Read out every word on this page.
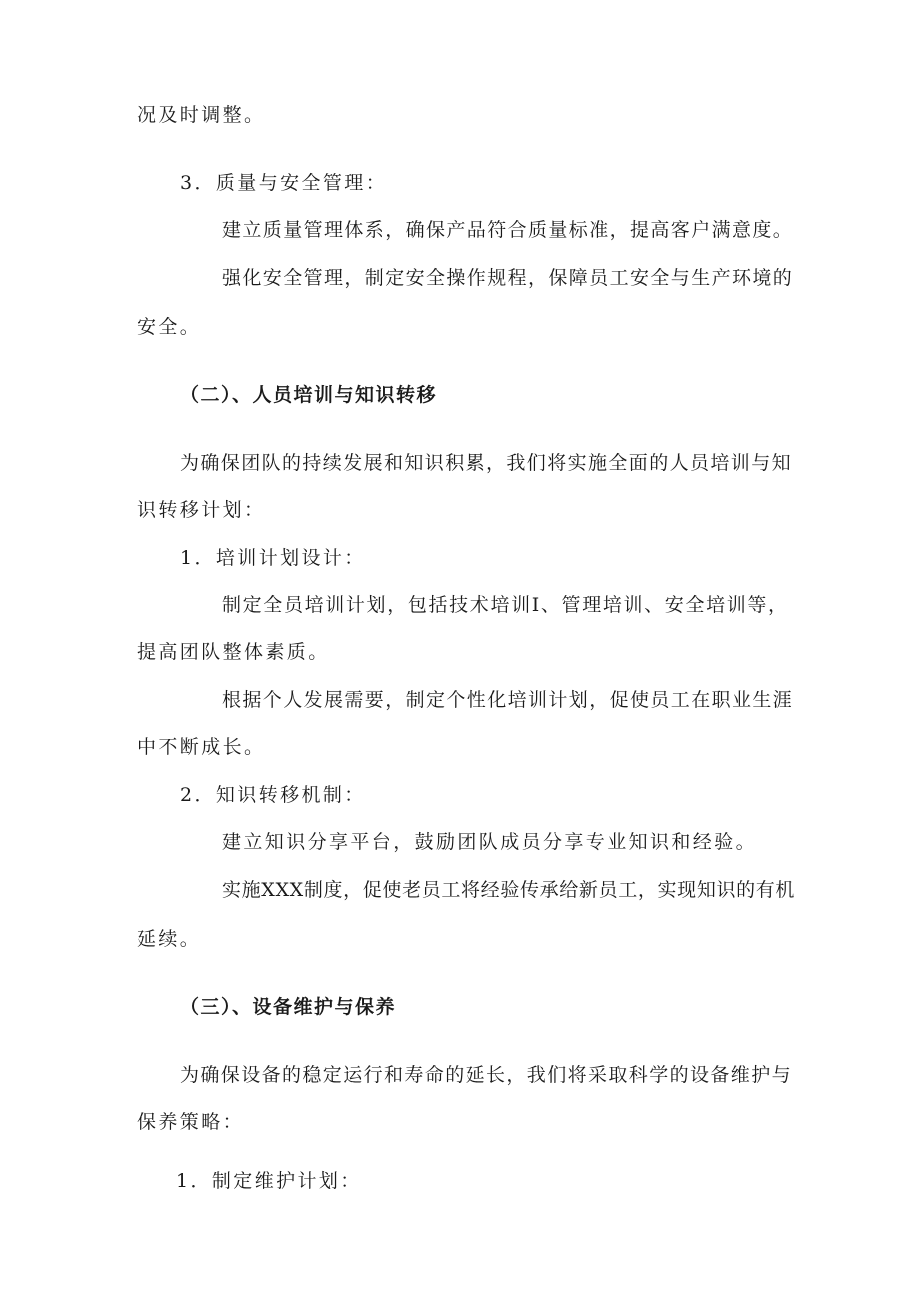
况及时调整。

3．质量与安全管理：

建立质量管理体系，确保产品符合质量标准，提高客户满意度。

强化安全管理，制定安全操作规程，保障员工安全与生产环境的

安全。

（二）、人员培训与知识转移

为确保团队的持续发展和知识积累，我们将实施全面的人员培训与知

识转移计划：

1．培训计划设计：

制定全员培训计划，包括技术培训I、管理培训、安全培训等，

提高团队整体素质。

根据个人发展需要，制定个性化培训计划，促使员工在职业生涯

中不断成长。

2．知识转移机制：

建立知识分享平台，鼓励团队成员分享专业知识和经验。

实施XXX制度，促使老员工将经验传承给新员工，实现知识的有机

延续。

（三）、设备维护与保养

为确保设备的稳定运行和寿命的延长，我们将采取科学的设备维护与

保养策略：

1．制定维护计划：
